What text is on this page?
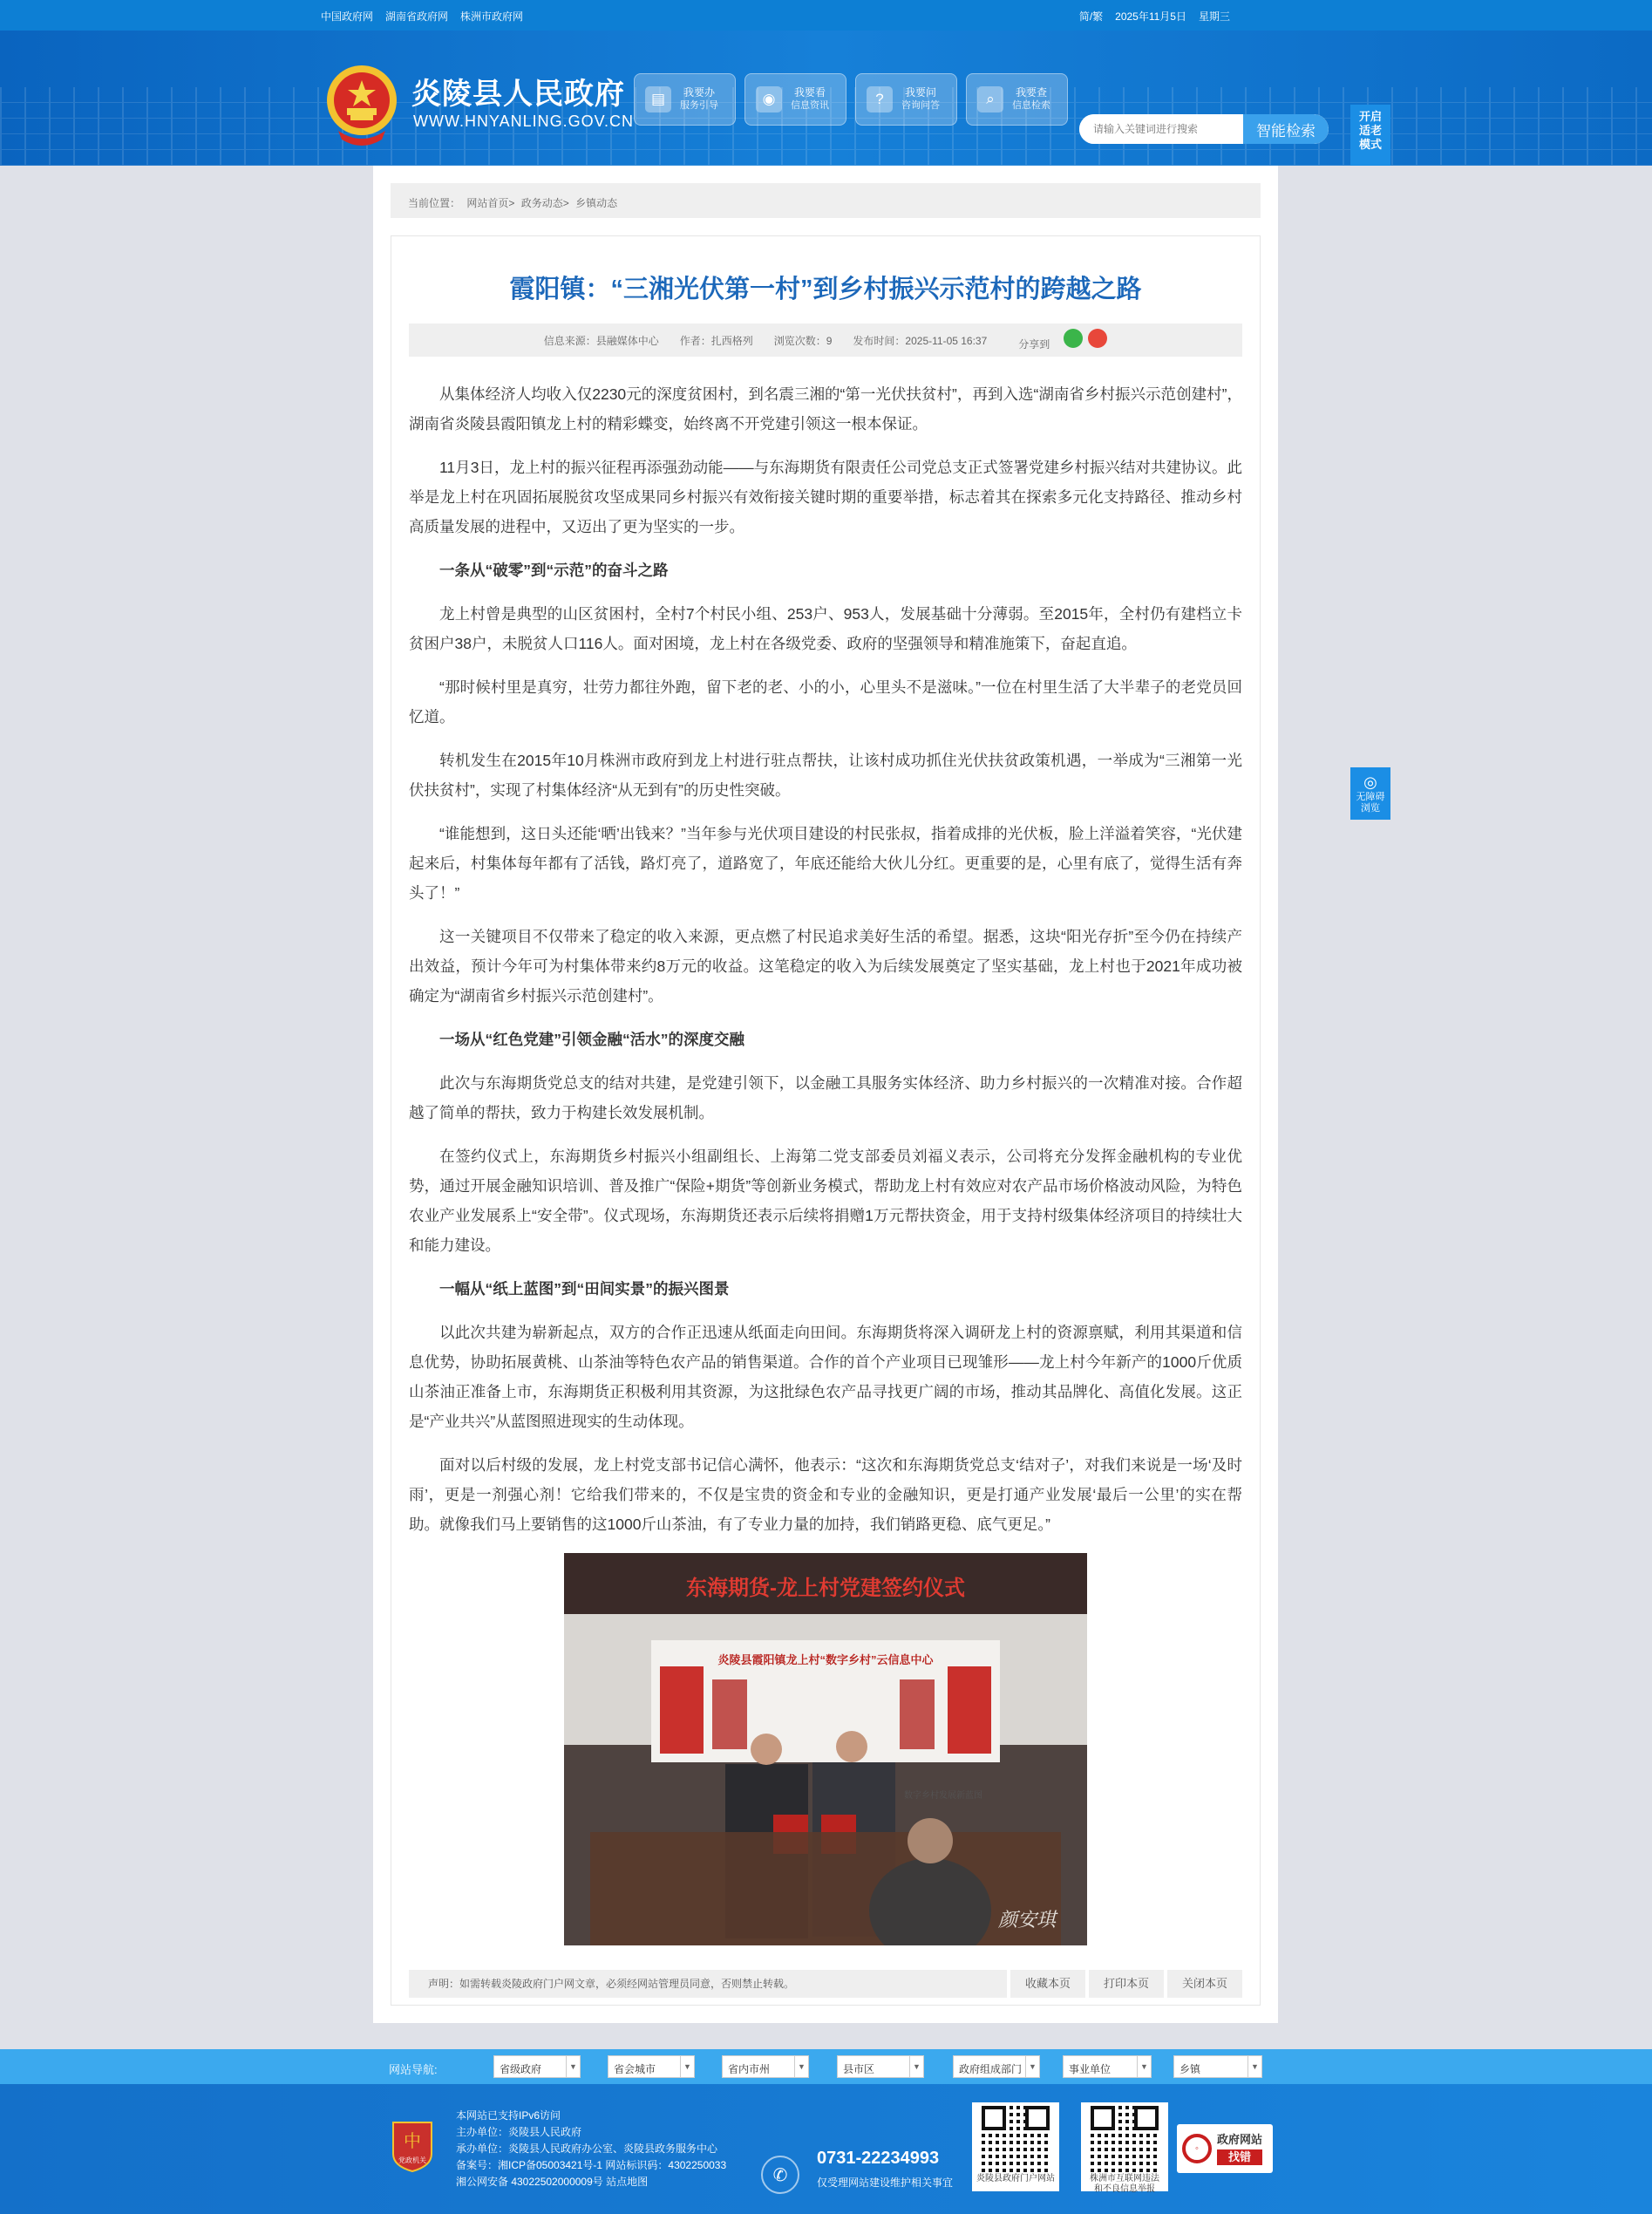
中国政府网 湖南省政府网 株洲市政府网	简/繁 2025年11月5日 星期三
炎陵县人民政府
WWW.HNYANLING.GOV.CN
▤	我要办
服务引导	◉	我要看
信息资讯	?	我要问
咨询问答	⌕	我要查
信息检索
请输入关键词进行搜索
智能检索
开启
适老
模式
◎
无障碍
浏览
当前位置： 网站首页> 政务动态> 乡镇动态
霞阳镇：“三湘光伏第一村”到乡村振兴示范村的跨越之路
信息来源：县融媒体中心 作者：扎西格列 浏览次数：9 发布时间：2025-11-05 16:37	分享到

从集体经济人均收入仅2230元的深度贫困村，到名震三湘的“第一光伏扶贫村”，再到入选“湖南省乡村振兴示范创建村”，湖南省炎陵县霞阳镇龙上村的精彩蝶变，始终离不开党建引领这一根本保证。

11月3日，龙上村的振兴征程再添强劲动能——与东海期货有限责任公司党总支正式签署党建乡村振兴结对共建协议。此举是龙上村在巩固拓展脱贫攻坚成果同乡村振兴有效衔接关键时期的重要举措，标志着其在探索多元化支持路径、推动乡村高质量发展的进程中，又迈出了更为坚实的一步。

一条从“破零”到“示范”的奋斗之路

龙上村曾是典型的山区贫困村，全村7个村民小组、253户、953人，发展基础十分薄弱。至2015年，全村仍有建档立卡贫困户38户，未脱贫人口116人。面对困境，龙上村在各级党委、政府的坚强领导和精准施策下，奋起直追。

“那时候村里是真穷，壮劳力都往外跑，留下老的老、小的小，心里头不是滋味。”一位在村里生活了大半辈子的老党员回忆道。

转机发生在2015年10月株洲市政府到龙上村进行驻点帮扶，让该村成功抓住光伏扶贫政策机遇，一举成为“三湘第一光伏扶贫村”，实现了村集体经济“从无到有”的历史性突破。

“谁能想到，这日头还能‘晒’出钱来？”当年参与光伏项目建设的村民张叔，指着成排的光伏板，脸上洋溢着笑容，“光伏建起来后，村集体每年都有了活钱，路灯亮了，道路宽了，年底还能给大伙儿分红。更重要的是，心里有底了，觉得生活有奔头了！”

这一关键项目不仅带来了稳定的收入来源，更点燃了村民追求美好生活的希望。据悉，这块“阳光存折”至今仍在持续产出效益，预计今年可为村集体带来约8万元的收益。这笔稳定的收入为后续发展奠定了坚实基础，龙上村也于2021年成功被确定为“湖南省乡村振兴示范创建村”。

一场从“红色党建”引领金融“活水”的深度交融

此次与东海期货党总支的结对共建，是党建引领下，以金融工具服务实体经济、助力乡村振兴的一次精准对接。合作超越了简单的帮扶，致力于构建长效发展机制。

在签约仪式上，东海期货乡村振兴小组副组长、上海第二党支部委员刘福义表示，公司将充分发挥金融机构的专业优势，通过开展金融知识培训、普及推广“保险+期货”等创新业务模式，帮助龙上村有效应对农产品市场价格波动风险，为特色农业产业发展系上“安全带”。仪式现场，东海期货还表示后续将捐赠1万元帮扶资金，用于支持村级集体经济项目的持续壮大和能力建设。

一幅从“纸上蓝图”到“田间实景”的振兴图景

以此次共建为崭新起点，双方的合作正迅速从纸面走向田间。东海期货将深入调研龙上村的资源禀赋，利用其渠道和信息优势，协助拓展黄桃、山茶油等特色农产品的销售渠道。合作的首个产业项目已现雏形——龙上村今年新产的1000斤优质山茶油正准备上市，东海期货正积极利用其资源，为这批绿色农产品寻找更广阔的市场，推动其品牌化、高值化发展。这正是“产业共兴”从蓝图照进现实的生动体现。

面对以后村级的发展，龙上村党支部书记信心满怀，他表示：“这次和东海期货党总支‘结对子’，对我们来说是一场‘及时雨’，更是一剂强心剂！它给我们带来的，不仅是宝贵的资金和专业的金融知识，更是打通产业发展‘最后一公里’的实在帮助。就像我们马上要销售的这1000斤山茶油，有了专业力量的加持，我们销路更稳、底气更足。”

东海期货-龙上村党建签约仪式
炎陵县霞阳镇龙上村“数字乡村”云信息中心
数字乡村发展新蓝图
颜安琪
声明：如需转载炎陵政府门户网文章，必须经网站管理员同意，否则禁止转载。	收藏本页	打印本页	关闭本页
网站导航:	省级政府	▼	省会城市	▼	省内市州	▼	县市区	▼	政府组成部门 ▼	事业单位	▼	乡镇	▼
中
党政机关
本网站已支持IPv6访问
主办单位：炎陵县人民政府
承办单位：炎陵县人民政府办公室、炎陵县政务服务中心
备案号：湘ICP备05003421号-1 网站标识码：4302250033
湘公网安备 43022502000009号 站点地图	✆
0731-22234993
仅受理网站建设维护相关事宜	炎陵县政府门户网站	株洲市互联网违法
和不良信息举报
◦
政府网站
找错
